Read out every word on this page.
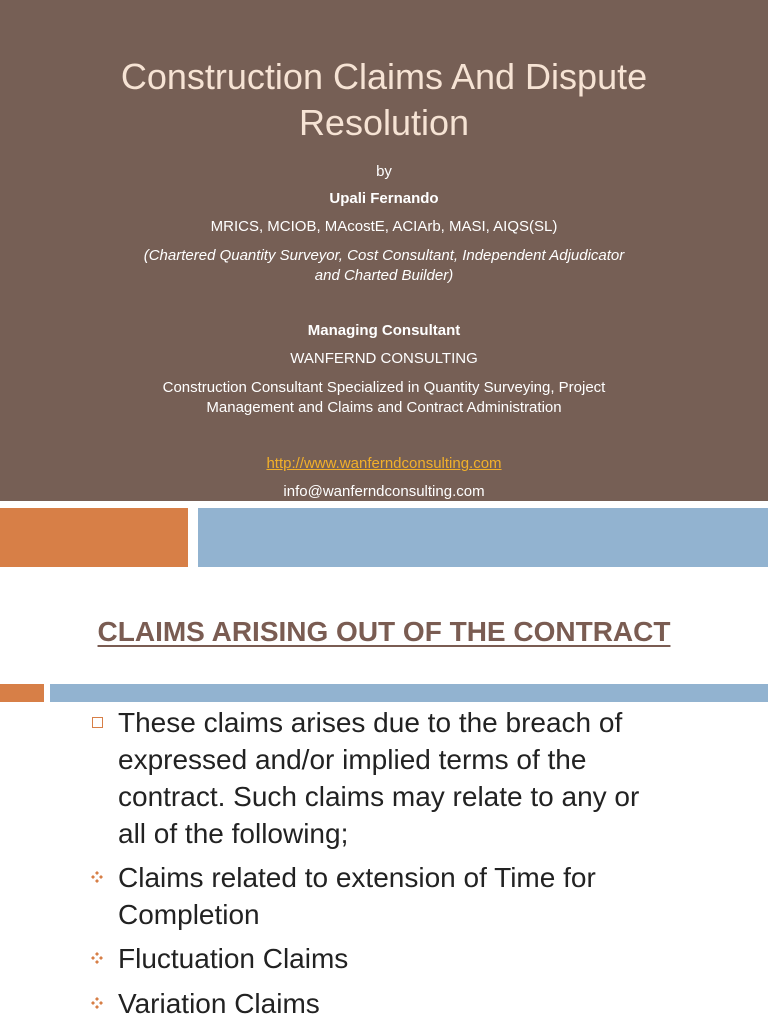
Construction Claims And Dispute Resolution
by
Upali Fernando
MRICS, MCIOB, MAcostE, ACIArb, MASI, AIQS(SL)
(Chartered Quantity Surveyor, Cost Consultant, Independent Adjudicator
and Charted Builder)
Managing Consultant
WANFERND CONSULTING
Construction Consultant Specialized in Quantity Surveying, Project
Management and Claims and Contract Administration
http://www.wanferndconsulting.com
info@wanferndconsulting.com
CLAIMS ARISING OUT OF THE CONTRACT
These claims arises due to the breach of
expressed and/or implied terms of the
contract. Such claims may relate to any or
all of the following;
Claims related to extension of Time for
Completion
Fluctuation Claims
Variation Claims
